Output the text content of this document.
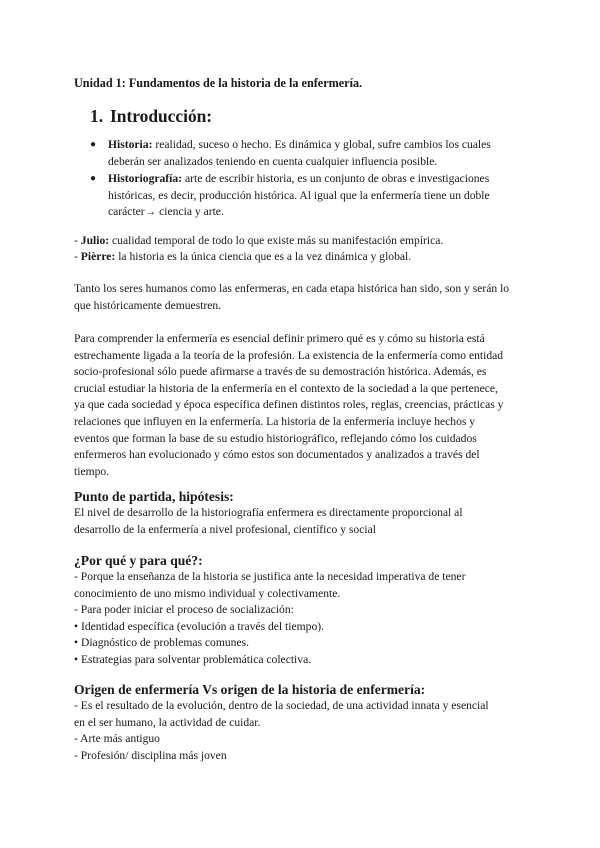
Unidad 1: Fundamentos de la historia de la enfermería.
1. Introducción:
● Historia: realidad, suceso o hecho. Es dinámica y global, sufre cambios los cuales
deberán ser analizados teniendo en cuenta cualquier influencia posible.
● Historiografía: arte de escribir historia, es un conjunto de obras e investigaciones
históricas, es decir, producción histórica. Al igual que la enfermería tiene un doble
carácter→ ciencia y arte.

- Julio: cualidad temporal de todo lo que existe más su manifestación empírica.

- Pièrre: la historia es la única ciencia que es a la vez dinámica y global.

Tanto los seres humanos como las enfermeras, en cada etapa histórica han sido, son y serán lo
que históricamente demuestren.
Para comprender la enfermería es esencial definir primero qué es y cómo su historia está
estrechamente ligada a la teoría de la profesión. La existencia de la enfermería como entidad
socio-profesional sólo puede afirmarse a través de su demostración histórica. Además, es
crucial estudiar la historia de la enfermería en el contexto de la sociedad a la que pertenece,
ya que cada sociedad y época específica definen distintos roles, reglas, creencias, prácticas y
relaciones que influyen en la enfermería. La historia de la enfermería incluye hechos y
eventos que forman la base de su estudio historiográfico, reflejando cómo los cuidados
enfermeros han evolucionado y cómo estos son documentados y analizados a través del
tiempo.
Punto de partida, hipótesis:
El nivel de desarrollo de la historiografía enfermera es directamente proporcional al
desarrollo de la enfermería a nivel profesional, científico y social
¿Por qué y para qué?:
- Porque la enseñanza de la historia se justifica ante la necesidad imperativa de tener
conocimiento de uno mismo individual y colectivamente.
- Para poder iniciar el proceso de socialización:
• Identidad específica (evolución a través del tiempo).
• Diagnóstico de problemas comunes.
• Estrategias para solventar problemática colectiva.
Origen de enfermería Vs origen de la historia de enfermería:
- Es el resultado de la evolución, dentro de la sociedad, de una actividad innata y esencial
en el ser humano, la actividad de cuidar.
- Arte más antiguo
- Profesión/ disciplina más joven
